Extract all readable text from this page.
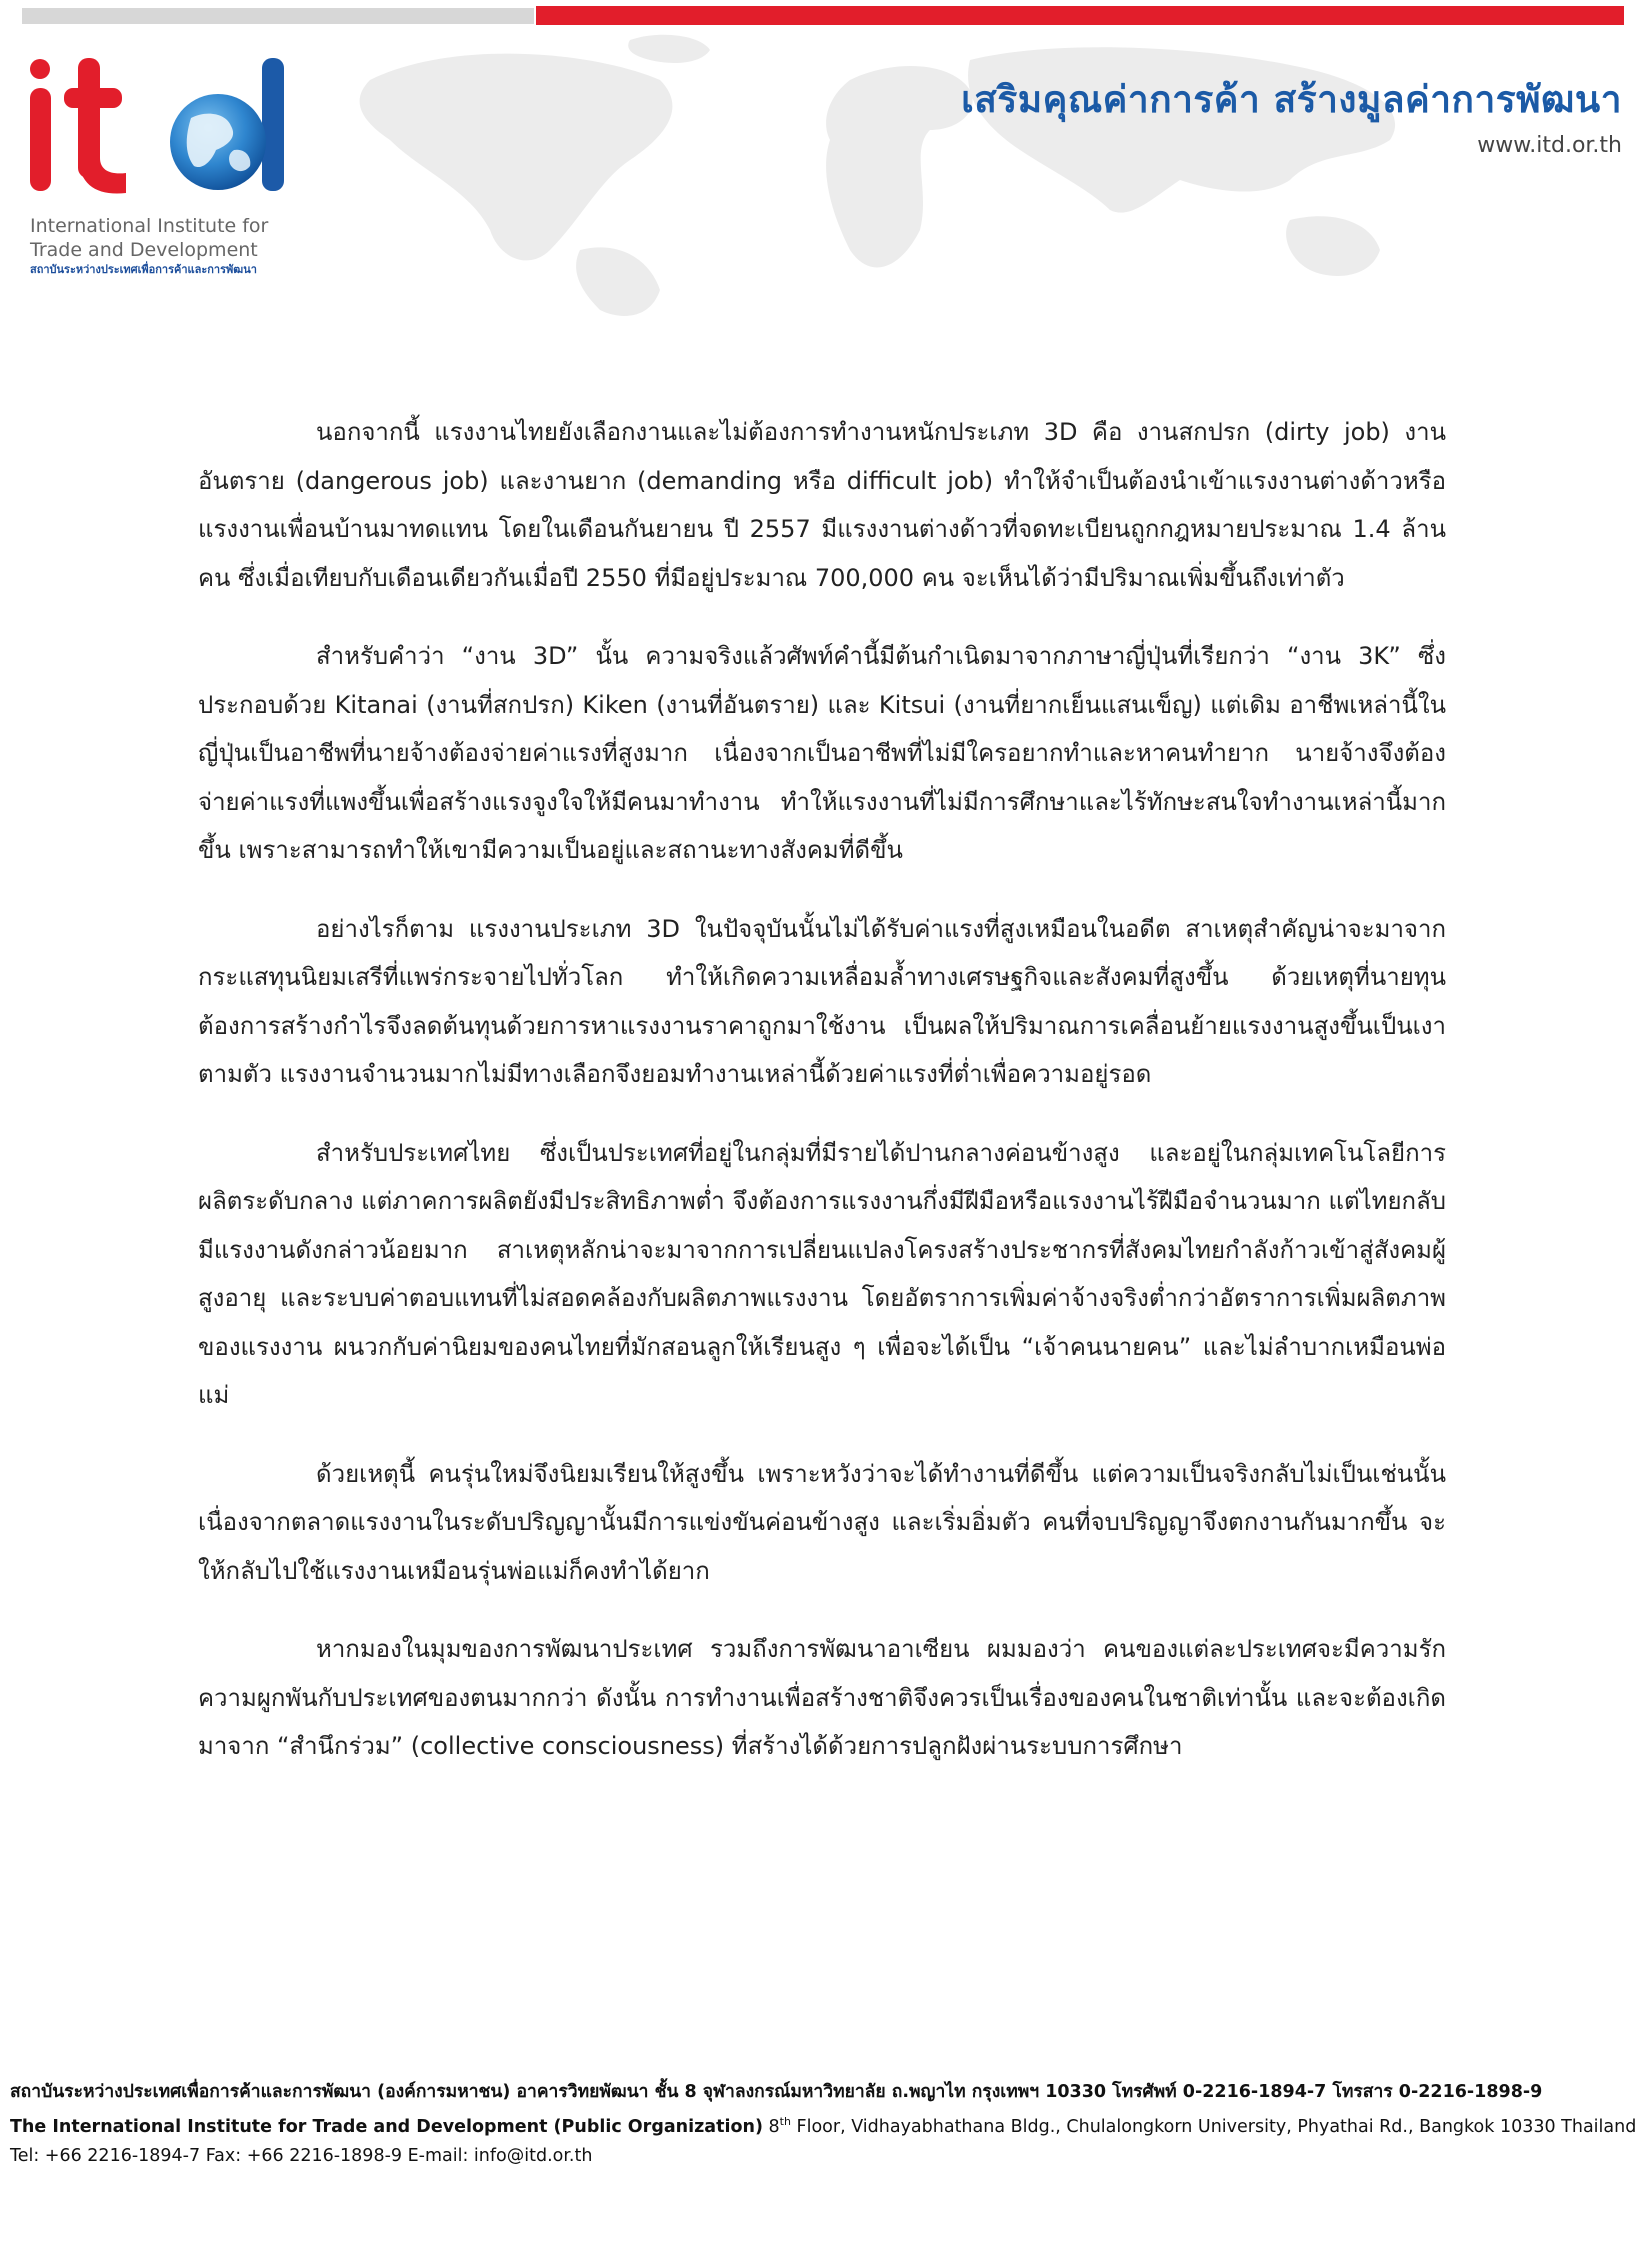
International Institute for
Trade and Development
สถาบันระหว่างประเทศเพื่อการค้าและการพัฒนา
เสริมคุณค่าการค้า สร้างมูลค่าการพัฒนา
www.itd.or.th

นอกจากนี้ แรงงานไทยยังเลือกงานและไม่ต้องการทำงานหนักประเภท 3D คือ งานสกปรก (dirty job) งานอันตราย (dangerous job) และงานยาก (demanding หรือ difficult job) ทำให้จำเป็นต้องนำเข้าแรงงานต่างด้าวหรือแรงงานเพื่อนบ้านมาทดแทน โดยในเดือนกันยายน ปี 2557 มีแรงงานต่างด้าวที่จดทะเบียนถูกกฎหมายประมาณ 1.4 ล้านคน ซึ่งเมื่อเทียบกับเดือนเดียวกันเมื่อปี 2550 ที่มีอยู่ประมาณ 700,000 คน จะเห็นได้ว่ามีปริมาณเพิ่มขึ้นถึงเท่าตัว

สำหรับคำว่า “งาน 3D” นั้น ความจริงแล้วศัพท์คำนี้มีต้นกำเนิดมาจากภาษาญี่ปุ่นที่เรียกว่า “งาน 3K” ซึ่งประกอบด้วย Kitanai (งานที่สกปรก) Kiken (งานที่อันตราย) และ Kitsui (งานที่ยากเย็นแสนเข็ญ) แต่เดิม อาชีพเหล่านี้ในญี่ปุ่นเป็นอาชีพที่นายจ้างต้องจ่ายค่าแรงที่สูงมาก เนื่องจากเป็นอาชีพที่ไม่มีใครอยากทำและหาคนทำยาก นายจ้างจึงต้องจ่ายค่าแรงที่แพงขึ้นเพื่อสร้างแรงจูงใจให้มีคนมาทำงาน ทำให้แรงงานที่ไม่มีการศึกษาและไร้ทักษะสนใจทำงานเหล่านี้มากขึ้น เพราะสามารถทำให้เขามีความเป็นอยู่และสถานะทางสังคมที่ดีขึ้น

อย่างไรก็ตาม แรงงานประเภท 3D ในปัจจุบันนั้นไม่ได้รับค่าแรงที่สูงเหมือนในอดีต สาเหตุสำคัญน่าจะมาจากกระแสทุนนิยมเสรีที่แพร่กระจายไปทั่วโลก ทำให้เกิดความเหลื่อมล้ำทางเศรษฐกิจและสังคมที่สูงขึ้น ด้วยเหตุที่นายทุนต้องการสร้างกำไรจึงลดต้นทุนด้วยการหาแรงงานราคาถูกมาใช้งาน เป็นผลให้ปริมาณการเคลื่อนย้ายแรงงานสูงขึ้นเป็นเงาตามตัว แรงงานจำนวนมากไม่มีทางเลือกจึงยอมทำงานเหล่านี้ด้วยค่าแรงที่ต่ำเพื่อความอยู่รอด

สำหรับประเทศไทย ซึ่งเป็นประเทศที่อยู่ในกลุ่มที่มีรายได้ปานกลางค่อนข้างสูง และอยู่ในกลุ่มเทคโนโลยีการผลิตระดับกลาง แต่ภาคการผลิตยังมีประสิทธิภาพต่ำ จึงต้องการแรงงานกึ่งมีฝีมือหรือแรงงานไร้ฝีมือจำนวนมาก แต่ไทยกลับมีแรงงานดังกล่าวน้อยมาก สาเหตุหลักน่าจะมาจากการเปลี่ยนแปลงโครงสร้างประชากรที่สังคมไทยกำลังก้าวเข้าสู่สังคมผู้สูงอายุ และระบบค่าตอบแทนที่ไม่สอดคล้องกับผลิตภาพแรงงาน โดยอัตราการเพิ่มค่าจ้างจริงต่ำกว่าอัตราการเพิ่มผลิตภาพของแรงงาน ผนวกกับค่านิยมของคนไทยที่มักสอนลูกให้เรียนสูง ๆ เพื่อจะได้เป็น “เจ้าคนนายคน” และไม่ลำบากเหมือนพ่อแม่

ด้วยเหตุนี้ คนรุ่นใหม่จึงนิยมเรียนให้สูงขึ้น เพราะหวังว่าจะได้ทำงานที่ดีขึ้น แต่ความเป็นจริงกลับไม่เป็นเช่นนั้น เนื่องจากตลาดแรงงานในระดับปริญญานั้นมีการแข่งขันค่อนข้างสูง และเริ่มอิ่มตัว คนที่จบปริญญาจึงตกงานกันมากขึ้น จะให้กลับไปใช้แรงงานเหมือนรุ่นพ่อแม่ก็คงทำได้ยาก

หากมองในมุมของการพัฒนาประเทศ รวมถึงการพัฒนาอาเซียน ผมมองว่า คนของแต่ละประเทศจะมีความรักความผูกพันกับประเทศของตนมากกว่า ดังนั้น การทำงานเพื่อสร้างชาติจึงควรเป็นเรื่องของคนในชาติเท่านั้น และจะต้องเกิดมาจาก “สำนึกร่วม” (collective consciousness) ที่สร้างได้ด้วยการปลูกฝังผ่านระบบการศึกษา

สถาบันระหว่างประเทศเพื่อการค้าและการพัฒนา (องค์การมหาชน) อาคารวิทยพัฒนา ชั้น 8 จุฬาลงกรณ์มหาวิทยาลัย ถ.พญาไท กรุงเทพฯ 10330 โทรศัพท์ 0-2216-1894-7 โทรสาร 0-2216-1898-9
The International Institute for Trade and Development (Public Organization) 8th Floor, Vidhayabhathana Bldg., Chulalongkorn University, Phyathai Rd., Bangkok 10330 Thailand
Tel: +66 2216-1894-7 Fax: +66 2216-1898-9 E-mail: info@itd.or.th
